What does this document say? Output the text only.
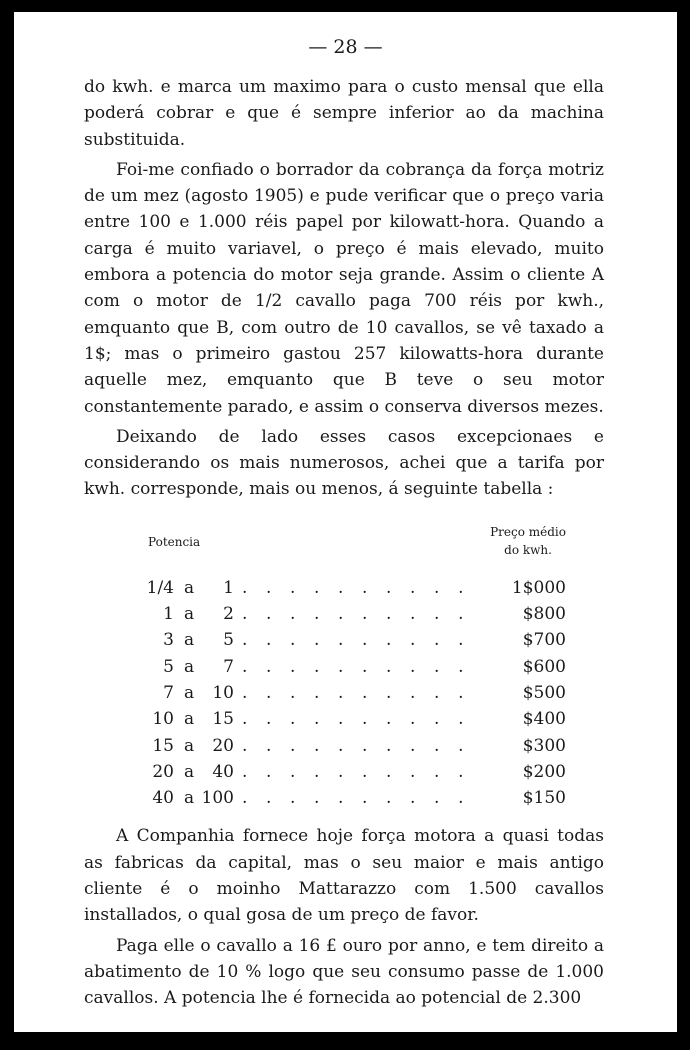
— 28 —

do kwh. e marca um maximo para o custo mensal que ella poderá cobrar e que é sempre inferior ao da machina substituida.

Foi-me confiado o borrador da cobrança da força motriz de um mez (agosto 1905) e pude verificar que o preço varia entre 100 e 1.000 réis papel por kilowatt-hora. Quando a carga é muito variavel, o preço é mais elevado, muito embora a potencia do motor seja grande. Assim o cliente A com o motor de 1/2 cavallo paga 700 réis por kwh., emquanto que B, com outro de 10 cavallos, se vê taxado a 1$; mas o primeiro gastou 257 kilowatts-hora durante aquelle mez, emquanto que B teve o seu motor constantemente parado, e assim o conserva diversos mezes.

Deixando de lado esses casos excepcionaes e considerando os mais numerosos, achei que a tarifa por kwh. corresponde, mais ou menos, á seguinte tabella :

Potencia
Preço médio
do kwh.
1/4 a	1 . . . . . . . . . . 1$000
1 a	2 . . . . . . . . . .	$800
3 a	5 . . . . . . . . . .	$700
5 a	7 . . . . . . . . . .	$600
7 a	10 . . . . . . . . . .	$500
10 a	15 . . . . . . . . . .	$400
15 a	20 . . . . . . . . . .	$300
20 a	40 . . . . . . . . . .	$200
40 a 100 . . . . . . . . . .	$150

A Companhia fornece hoje força motora a quasi todas as fabricas da capital, mas o seu maior e mais antigo cliente é o moinho Mattarazzo com 1.500 cavallos installados, o qual gosa de um preço de favor.

Paga elle o cavallo a 16 £ ouro por anno, e tem direito a abatimento de 10 % logo que seu consumo passe de 1.000 cavallos. A potencia lhe é fornecida ao potencial de 2.300
